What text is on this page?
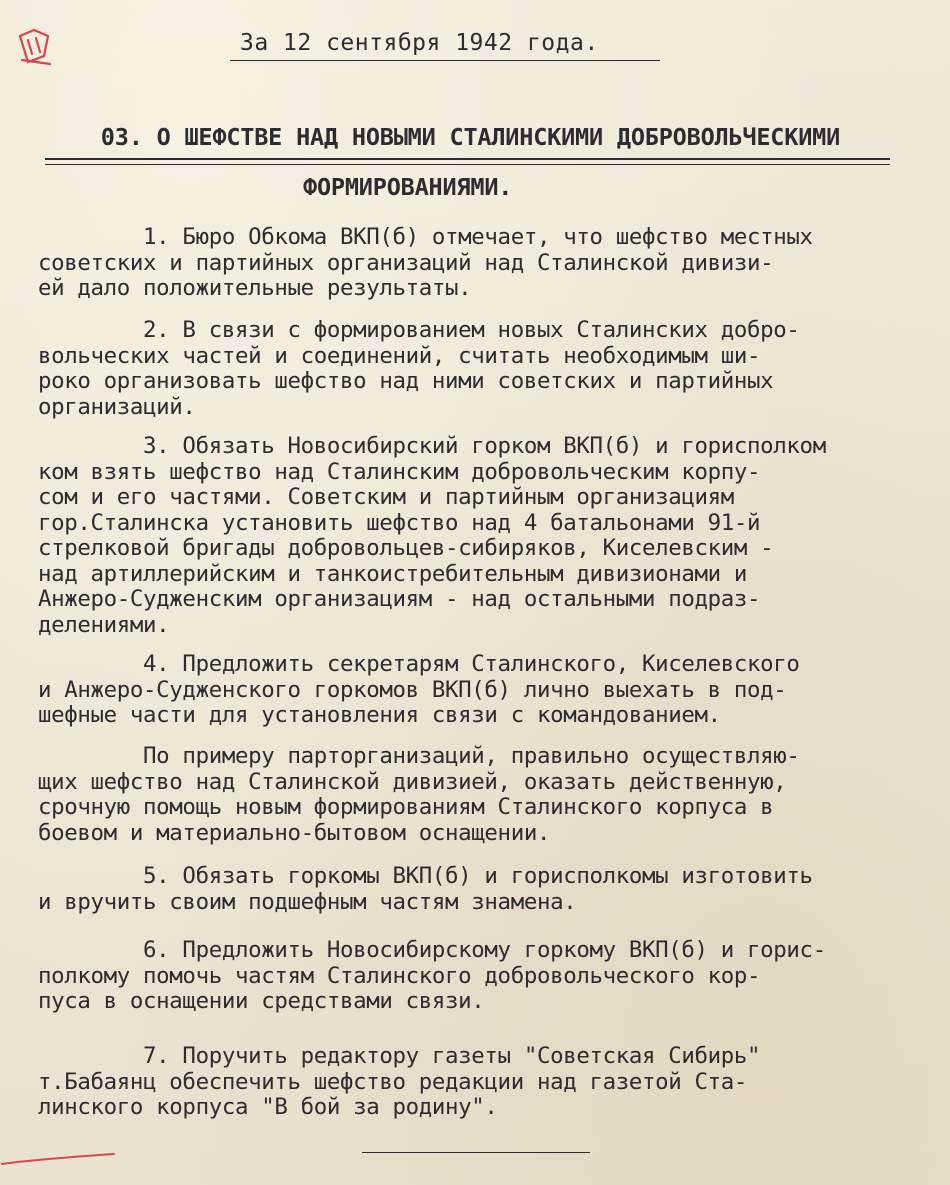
За 12 сентября 1942 года.

03. О ШЕФСТВЕ НАД НОВЫМИ СТАЛИНСКИМИ ДОБРОВОЛЬЧЕСКИМИ

ФОРМИРОВАНИЯМИ.

1. Бюро Обкома ВКП(б) отмечает, что шефство местных
советских и партийных организаций над Сталинской дивизи-
ей дало положительные результаты.

2. В связи с формированием новых Сталинских добро-
вольческих частей и соединений, считать необходимым ши-
роко организовать шефство над ними советских и партийных
организаций.

3. Обязать Новосибирский горком ВКП(б) и горисполком
ком взять шефство над Сталинским добровольческим корпу-
сом и его частями. Советским и партийным организациям
гор.Сталинска установить шефство над 4 батальонами 91-й
стрелковой бригады добровольцев-сибиряков, Киселевским -
над артиллерийским и танкоистребительным дивизионами и
Анжеро-Судженским организациям - над остальными подраз-
делениями.

4. Предложить секретарям Сталинского, Киселевского
и Анжеро-Судженского горкомов ВКП(б) лично выехать в под-
шефные части для установления связи с командованием.

По примеру парторганизаций, правильно осуществляю-
щих шефство над Сталинской дивизией, оказать действенную,
срочную помощь новым формированиям Сталинского корпуса в
боевом и материально-бытовом оснащении.

5. Обязать горкомы ВКП(б) и горисполкомы изготовить
и вручить своим подшефным частям знамена.

6. Предложить Новосибирскому горкому ВКП(б) и горис-
полкому помочь частям Сталинского добровольческого кор-
пуса в оснащении средствами связи.

7. Поручить редактору газеты "Советская Сибирь"
т.Бабаянц обеспечить шефство редакции над газетой Ста-
линского корпуса "В бой за родину".
